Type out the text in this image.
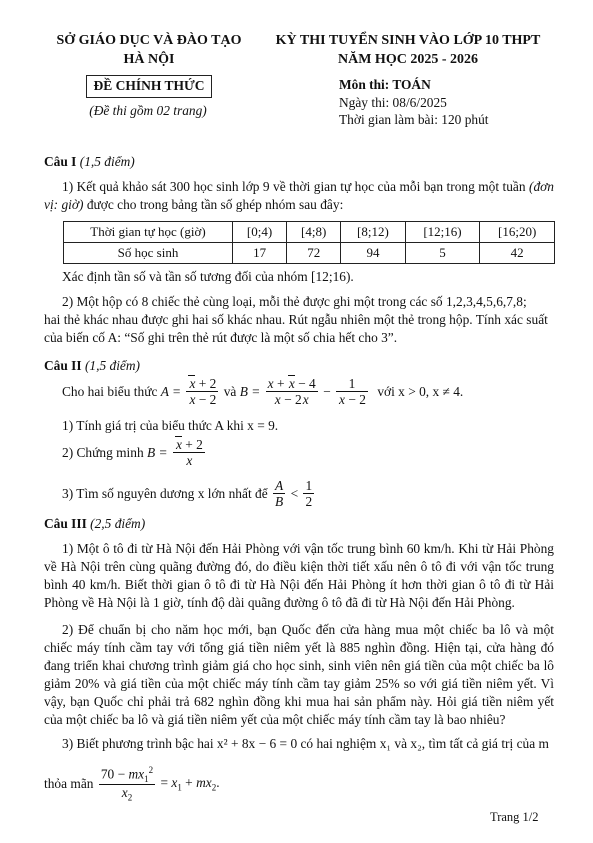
SỞ GIÁO DỤC VÀ ĐÀO TẠO
HÀ NỘI
KỲ THI TUYỂN SINH VÀO LỚP 10 THPT
NĂM HỌC 2025 - 2026
ĐỀ CHÍNH THỨC
(Đề thi gồm 02 trang)
Môn thi: TOÁN
Ngày thi: 08/6/2025
Thời gian làm bài: 120 phút
Câu I (1,5 điểm)

1) Kết quả khảo sát 300 học sinh lớp 9 về thời gian tự học của mỗi bạn trong một tuần (đơn vị: giờ) được cho trong bảng tần số ghép nhóm sau đây:

Thời gian tự học (giờ)	[0;4)	[4;8)	[8;12)	[12;16)	[16;20)
Số học sinh	17	72	94	5	42
Xác định tần số và tần số tương đối của nhóm [12;16).

2) Một hộp có 8 chiếc thẻ cùng loại, mỗi thẻ được ghi một trong các số 1,2,3,4,5,6,7,8;

hai thẻ khác nhau được ghi hai số khác nhau. Rút ngẫu nhiên một thẻ trong hộp. Tính xác suất

của biến cố A: “Số ghi trên thẻ rút được là một số chia hết cho 3”.

Câu II (1,5 điểm)
Cho hai biểu thức $A = \frac{x + 2}{x - 2}$ và $B = \frac{x + x - 4}{x - 2x} - \frac{1}{x - 2}$ với x > 0, x ≠ 4.
1) Tính giá trị của biểu thức A khi x = 9.
2) Chứng minh $B = \frac{x + 2}{x}$
3) Tìm số nguyên dương x lớn nhất để $\frac{A}{B} < \frac{1}{2}$
Câu III (2,5 điểm)

1) Một ô tô đi từ Hà Nội đến Hải Phòng với vận tốc trung bình 60 km/h. Khi từ Hải Phòng về Hà Nội trên cùng quãng đường đó, do điều kiện thời tiết xấu nên ô tô đi với vận tốc trung bình 40 km/h. Biết thời gian ô tô đi từ Hà Nội đến Hải Phòng ít hơn thời gian ô tô đi từ Hải Phòng về Hà Nội là 1 giờ, tính độ dài quãng đường ô tô đã đi từ Hà Nội đến Hải Phòng.

2) Để chuẩn bị cho năm học mới, bạn Quốc đến cửa hàng mua một chiếc ba lô và một chiếc máy tính cầm tay với tổng giá tiền niêm yết là 885 nghìn đồng. Hiện tại, cửa hàng đó đang triển khai chương trình giảm giá cho học sinh, sinh viên nên giá tiền của một chiếc ba lô giảm 20% và giá tiền của một chiếc máy tính cầm tay giảm 25% so với giá tiền niêm yết. Vì vậy, bạn Quốc chỉ phải trả 682 nghìn đồng khi mua hai sản phẩm này. Hỏi giá tiền niêm yết của một chiếc ba lô và giá tiền niêm yết của một chiếc máy tính cầm tay là bao nhiêu?

3) Biết phương trình bậc hai x² + 8x − 6 = 0 có hai nghiệm x₁ và x₂, tìm tất cả giá trị của m

thỏa mãn $\frac{70 - mx_1^2}{x_2} = x_1 + mx_2$.
Trang 1/2
